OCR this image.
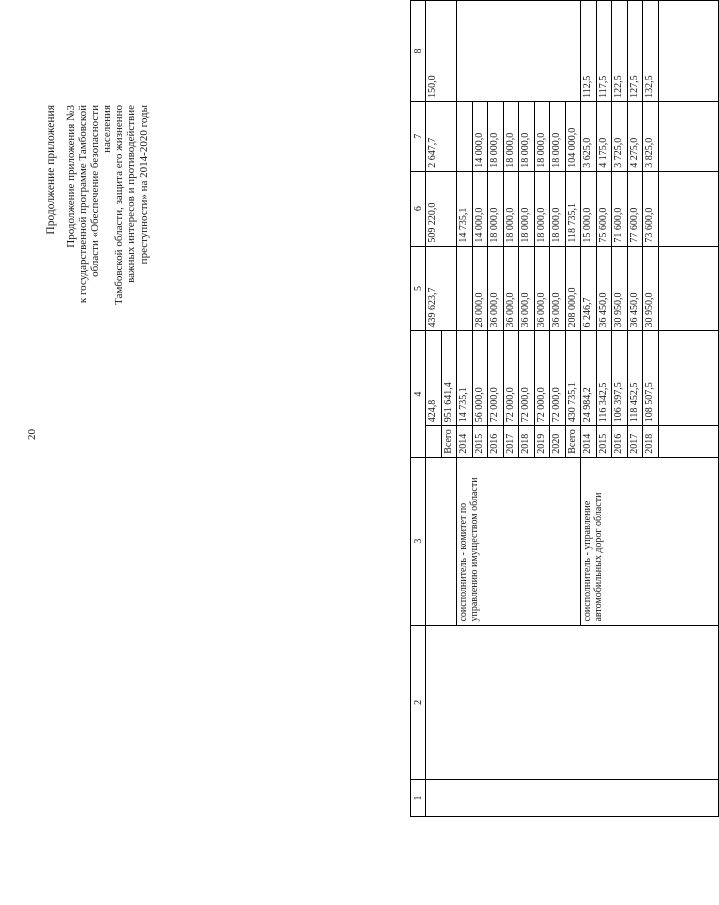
20
Продолжение приложения Продолжение приложения №3 к государственной программе Тамбовской области «Обеспечение безопасности населения Тамбовской области, защита его жизненно важных интересов и противодействие преступности» на 2014-2020 годы
1	2	3	4		5	6	7	8
				424,8	439 623,7	509 220,0	2 647,7	150,0
			Всего	951 641,4				
		соисполнитель - комитет по управлению имуществом области	2014	14 735,1		14 735,1		
			2015	56 000,0	28 000,0	14 000,0	14 000,0	
			2016	72 000,0	36 000,0	18 000,0	18 000,0	
			2017	72 000,0	36 000,0	18 000,0	18 000,0	
			2018	72 000,0	36 000,0	18 000,0	18 000,0	
			2019	72 000,0	36 000,0	18 000,0	18 000,0	
			2020	72 000,0	36 000,0	18 000,0	18 000,0	
			Всего	430 735,1	208 000,0	118 735,1	104 000,0	
		соисполнитель - управление автомобильных дорог области	2014	24 984,2	6 246,7	15 000,0	3 625,0	112,5
			2015	116 342,5	36 450,0	75 600,0	4 175,0	117,5
			2016	106 397,5	30 950,0	71 600,0	3 725,0	122,5
			2017	118 452,5	36 450,0	77 600,0	4 275,0	127,5
			2018	108 507,5	30 950,0	73 600,0	3 825,0	132,5
